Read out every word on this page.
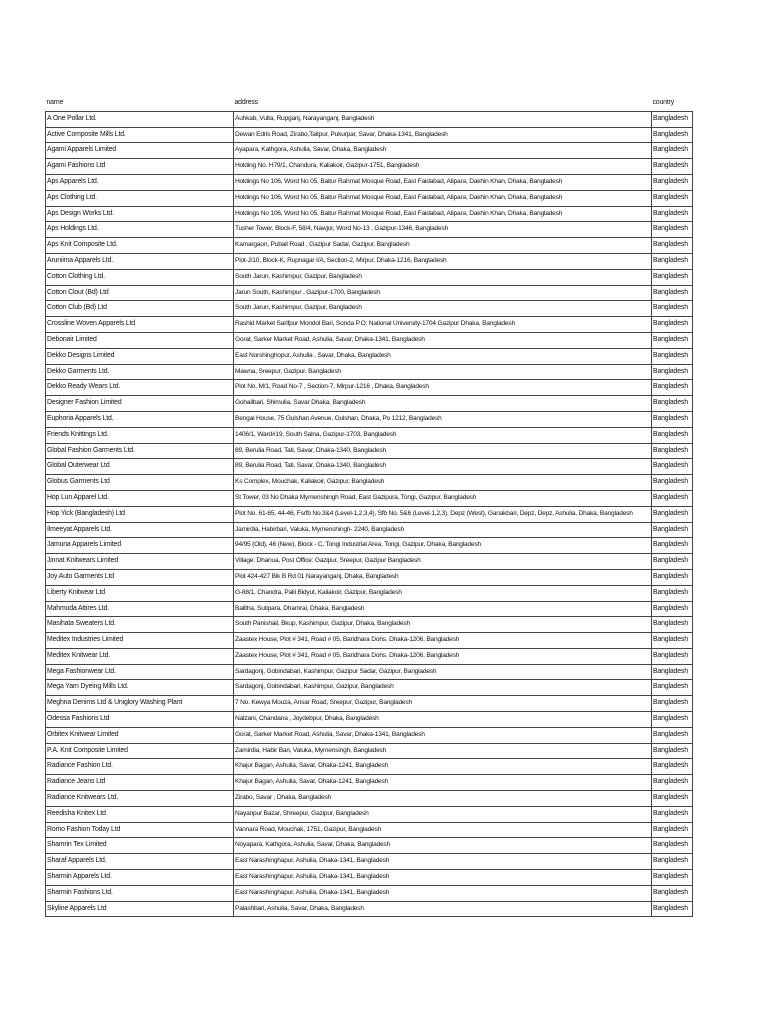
name	address	country
A One Pollar Ltd.	Auhkab, Vulta, Rupganj, Narayanganj, Bangladesh	Bangladesh
Active Composite Mills Ltd.	Dewan Edris Road, Zirabo,Taitpur, Pukurpar, Savar, Dhaka-1341, Bangladesh	Bangladesh
Agami Apparels Limited	Ayapara, Kathgora, Ashulia, Savar, Dhaka, Bangladesh	Bangladesh
Agami Fashions Ltd	Holding No. H79/1, Chandura, Kaliakoir, Gazipur-1751, Bangladesh	Bangladesh
Aps Apparels Ltd.	Holdings No 106, Word No 05, Baitur Rahmat Mosque Road, East Faidabad, Atipara, Dakhin Khan, Dhaka, Bangladesh	Bangladesh
Aps Clothing Ltd.	Holdings No 106, Word No 05, Baitur Rahmat Mosque Road, East Faidabad, Atipara, Dakhin Khan, Dhaka, Bangladesh	Bangladesh
Aps Design Works Ltd.	Holdings No 106, Word No 05, Baitur Rahmat Mosque Road, East Faidabad, Atipara, Dakhin Khan, Dhaka, Bangladesh	Bangladesh
Aps Holdings Ltd.	Tusher Tower, Block-F, 58/4, Nawjor, Word No-13 , Gazipur-1346, Bangladesh	Bangladesh
Aps Knit Composite Ltd.	Kamargaon, Pubail Road , Gazipur Sadar, Gazipur, Bangladesh	Bangladesh
Aruniima Apparels Ltd.	Plot-J/10, Block-K, Rupnagar I/A, Section-2, Mirpur, Dhaka-1216, Bangladesh	Bangladesh
Cotton Clothing Ltd.	South Jarun, Kashimpur, Gazipur, Bangladesh	Bangladesh
Cotton Clout (Bd) Ltd	Jarun South, Kashimpur , Gazipur-1700, Bangladesh	Bangladesh
Cotton Club (Bd) Ltd	South Jarun, Kashimpur, Gazipur, Bangladesh	Bangladesh
Crossline Woven Apparels Ltd	Rashid Market Sarifpur Mondol Bari, Sonda P.O: National University-1704 Gazipur Dhaka, Bangladesh	Bangladesh
Debonair Limited	Gorat, Sarker Market Road, Ashulia, Savar, Dhaka-1341, Bangladesh	Bangladesh
Dekko Designs Limited	East Norshinghopur, Ashulia , Savar, Dhaka, Bangladesh	Bangladesh
Dekko Garments Ltd.	Mawna, Sreepur, Gazipur. Bangladesh	Bangladesh
Dekko Ready Wears Ltd.	Plot No. M/1, Road No-7 , Section-7, Mirpur-1216 , Dhaka, Bangladesh	Bangladesh
Designer Fashion Limited	Gohailbari, Shimulia, Savar Dhaka, Bangladesh	Bangladesh
Euphoria Apparels Ltd.	Bengal House, 75 Gulshan Avenue, Gulshan, Dhaka, Po 1212, Bangladesh	Bangladesh
Friends Knittings Ltd.	1406/1, Ward#19, South Salna, Gazipur-1703, Bangladesh	Bangladesh
Global Fashion Garments Ltd.	89, Berulia Road, Tati, Savar, Dhaka-1340, Bangladesh	Bangladesh
Global Outerwear Ltd	89, Berulia Road, Tati, Savar, Dhaka-1340, Bangladesh	Bangladesh
Globus Garments Ltd	Ks Complex, Mouchak, Kaliakoir, Gazipur, Bangladesh	Bangladesh
Hop Lun Apparel Ltd.	St Tower, 03 No Dhaka Mymenshingh Road, East Gazipura, Tongi, Gazipur, Bangladesh	Bangladesh
Hop Yick (Bangladesh) Ltd	Plot No. 61-65, 44-46, Fsrfb No.3&4 (Level-1,2,3,4), Sfb No. 5&6 (Level-1,2,3), Depz (West), Ganakbari, Depz, Depz, Ashulia, Dhaka, Bangladesh	Bangladesh
Ilmeeyat Apparels Ltd.	Jamirdia, Habirbari, Valuka, Mymenshingh- 2240, Bangladesh	Bangladesh
Jamuna Apparels Limited	94/95 (Old), 46 (New), Block - C, Tongi Industrial Area, Tongi, Gazipur, Dhaka, Bangladesh	Bangladesh
Jinnat Knitwears Limited	Village: Dhanua, Post Office: Gazipur, Sreepur, Gazipur Bangladesh	Bangladesh
Joy Auto Garments Ltd	Plot 424-427 Blk B Rd 01 Narayanganj, Dhaka, Bangladesh	Bangladesh
Liberty Knitwear Ltd	G-88/1, Chandra, Palli Bidyut, Kaliakoir, Gazipur, Bangladesh	Bangladesh
Mahmuda Attires Ltd.	Balitha, Sutipara, Dhamrai, Dhaka, Bangladesh	Bangladesh
Masihata Sweaters Ltd.	South Panishail, Bkup, Kashimpur, Gazipur, Dhaka, Bangladesh	Bangladesh
Meditex Industries Limited	Zaastex House, Plot # 341, Road # 05, Baridhara Dohs. Dhaka-1206, Bangladesh	Bangladesh
Meditex Knitwear Ltd.	Zaastex House, Plot # 341, Road # 05, Baridhara Dohs. Dhaka-1206, Bangladesh	Bangladesh
Mega Fashionwear Ltd.	Sardagonj, Gobindabari, Kashimpur, Gazipur Sadar, Gazipur, Bangladesh	Bangladesh
Mega Yarn Dyeing Mills Ltd.	Sardagonj, Gobindabari, Kashimpur, Gazipur, Bangladesh	Bangladesh
Meghna Denims Ltd & Uniglory Washing Plant	7 No. Kewya Mouza, Ansar Road, Sreepur, Gazipur, Bangladesh	Bangladesh
Odessa Fashions Ltd	Nalzani, Chandana , Joydebpur, Dhaka, Bangladesh	Bangladesh
Orbitex Knitwear Limited	Gorat, Sarker Market Road, Ashulia, Savar, Dhaka-1341, Bangladesh	Bangladesh
P.A. Knit Composite Limited	Zamirdia, Habir Bari, Valuka, Mymensingh, Bangladesh	Bangladesh
Radiance Fashion Ltd.	Khajur Bagan, Ashulia, Savar, Dhaka-1241, Bangladesh	Bangladesh
Radiance Jeans Ltd	Khajur Bagan, Ashulia, Savar, Dhaka-1241, Bangladesh	Bangladesh
Radiance Knitwears Ltd.	Zirabo, Savar , Dhaka, Bangladesh	Bangladesh
Reedisha Knitex Ltd	Nayanpur Bazar, Shreepur, Gazipur, Bangladesh	Bangladesh
Romo Fashion Today Ltd	Vannara Road, Mouchak, 1751, Gazipur, Bangladesh	Bangladesh
Shamrin Tex Limited	Noyapara, Kathgora, Ashulia, Savar, Dhaka, Bangladesh	Bangladesh
Sharaf Apparels Ltd.	East Narashinghapur, Ashulia, Dhaka-1341, Bangladesh	Bangladesh
Sharmin Apparels Ltd.	East Narashinghapur, Ashulia, Dhaka-1341, Bangladesh	Bangladesh
Sharmin Fashions Ltd.	East Narashinghapur, Ashulia, Dhaka-1341, Bangladesh	Bangladesh
Skyline Apparels Ltd	Palashbari, Ashulia, Savar, Dhaka, Bangladesh	Bangladesh
